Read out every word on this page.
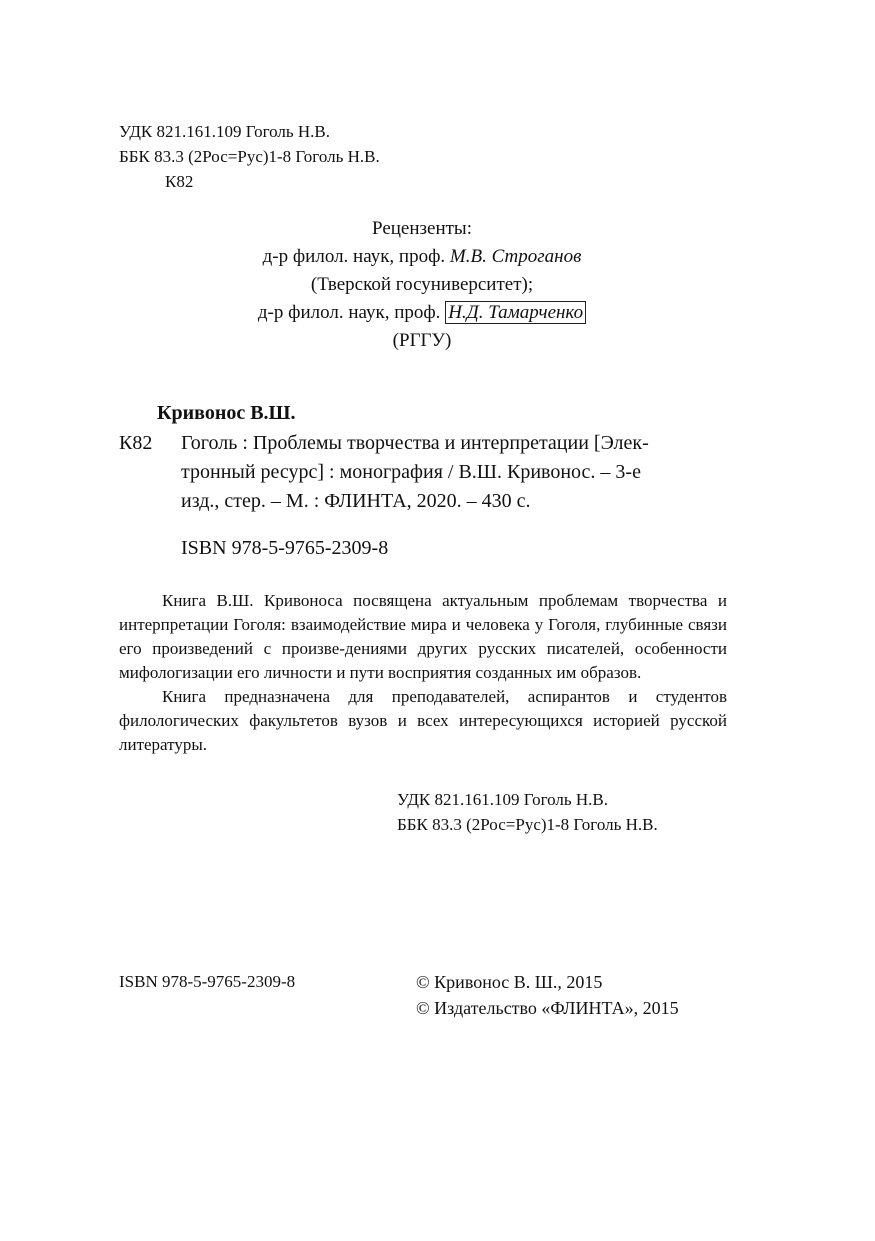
УДК 821.161.109 Гоголь Н.В.
ББК 83.3 (2Рос=Рус)1-8 Гоголь Н.В.
К82
Рецензенты:
д-р филол. наук, проф. М.В. Строганов
(Тверской госуниверситет);
д-р филол. наук, проф. Н.Д. Тамарченко
(РГГУ)
Кривонос В.Ш.
К82 Гоголь : Проблемы творчества и интерпретации [Элек-
тронный ресурс] : монография / В.Ш. Кривонос. – 3-е
изд., стер. – М. : ФЛИНТА, 2020. – 430 с.
ISBN 978-5-9765-2309-8

Книга В.Ш. Кривоноса посвящена актуальным проблемам творчества и интерпретации Гоголя: взаимодействие мира и человека у Гоголя, глубинные связи его произведений с произве-дениями других русских писателей, особенности мифологизации его личности и пути восприятия созданных им образов.

Книга предназначена для преподавателей, аспирантов и студентов филологических факультетов вузов и всех интересующихся историей русской литературы.

УДК 821.161.109 Гоголь Н.В.
ББК 83.3 (2Рос=Рус)1-8 Гоголь Н.В.
ISBN 978-5-9765-2309-8	© Кривонос В. Ш., 2015
© Издательство «ФЛИНТА», 2015
